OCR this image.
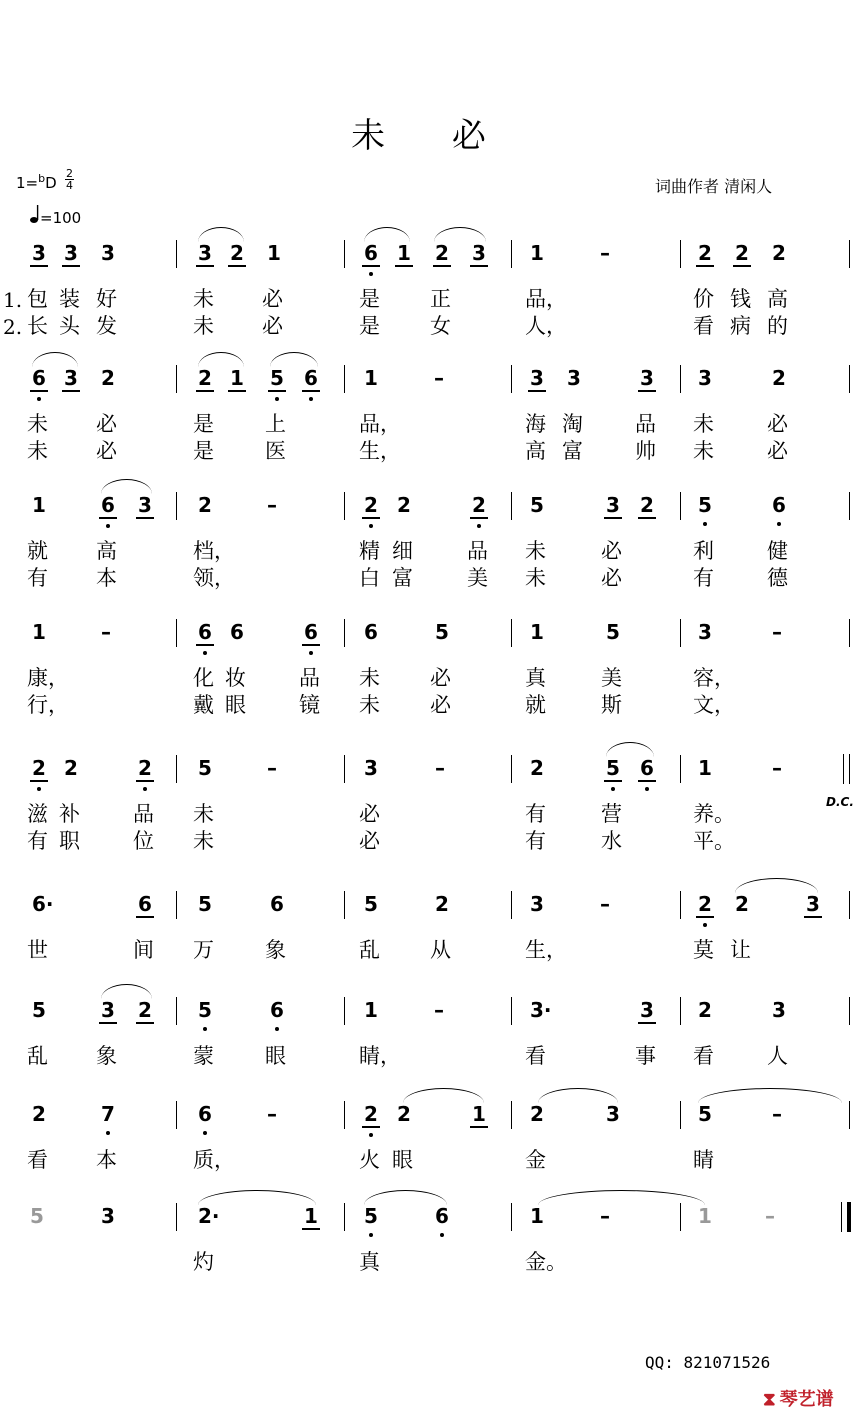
未 必
1=$^b$D
2
4
=100
词曲作者 清闲人
3 3 3	3 2 1	6 1 2 3 1	–	2 2 2
包 装 好	未 必	是 正	品，	价 钱 高
长 头 发	未 必	是 女	人，	看 病 的
1.
2.
6 3 2	2 1 5 6 1	–	3 3	3 3	2
未 必	是 上	品，	海 淘 品 未	必
未 必	是 医	生，	高 富 帅 未	必
1	6 3 2	–	2 2	2 5	3 2 5	6
就 高	档，	精 细	品 未	必	利	健
有 本	领，	白 富	美 未	必	有	德
1	–	6 6	6 6	5	1	5	3	–
康，	化 妆	品 未 必	真	美	容，
行，	戴 眼	镜 未 必	就	斯	文，
2 2	2 5	–	3	–	2	5 6 1	–
滋 补	品 未	必	有	营	养。
有 职	位 未	必	有	水	平。
6·	6 5	6	5	2	3	–	2 2	3
世	间 万 象	乱 从	生，	莫 让
5	3 2 5	6	1	–	3·	3 2	3
乱 象	蒙 眼	睛，	看	事 看	人
2	7	6	–	2 2	1 2	3	5	–
看 本	质，	火 眼	金	睛
5	3	2·	1 5	6	1	–	1	–
灼	真	金。
D.C.
QQ: 821071526
⧗ 琴艺谱
